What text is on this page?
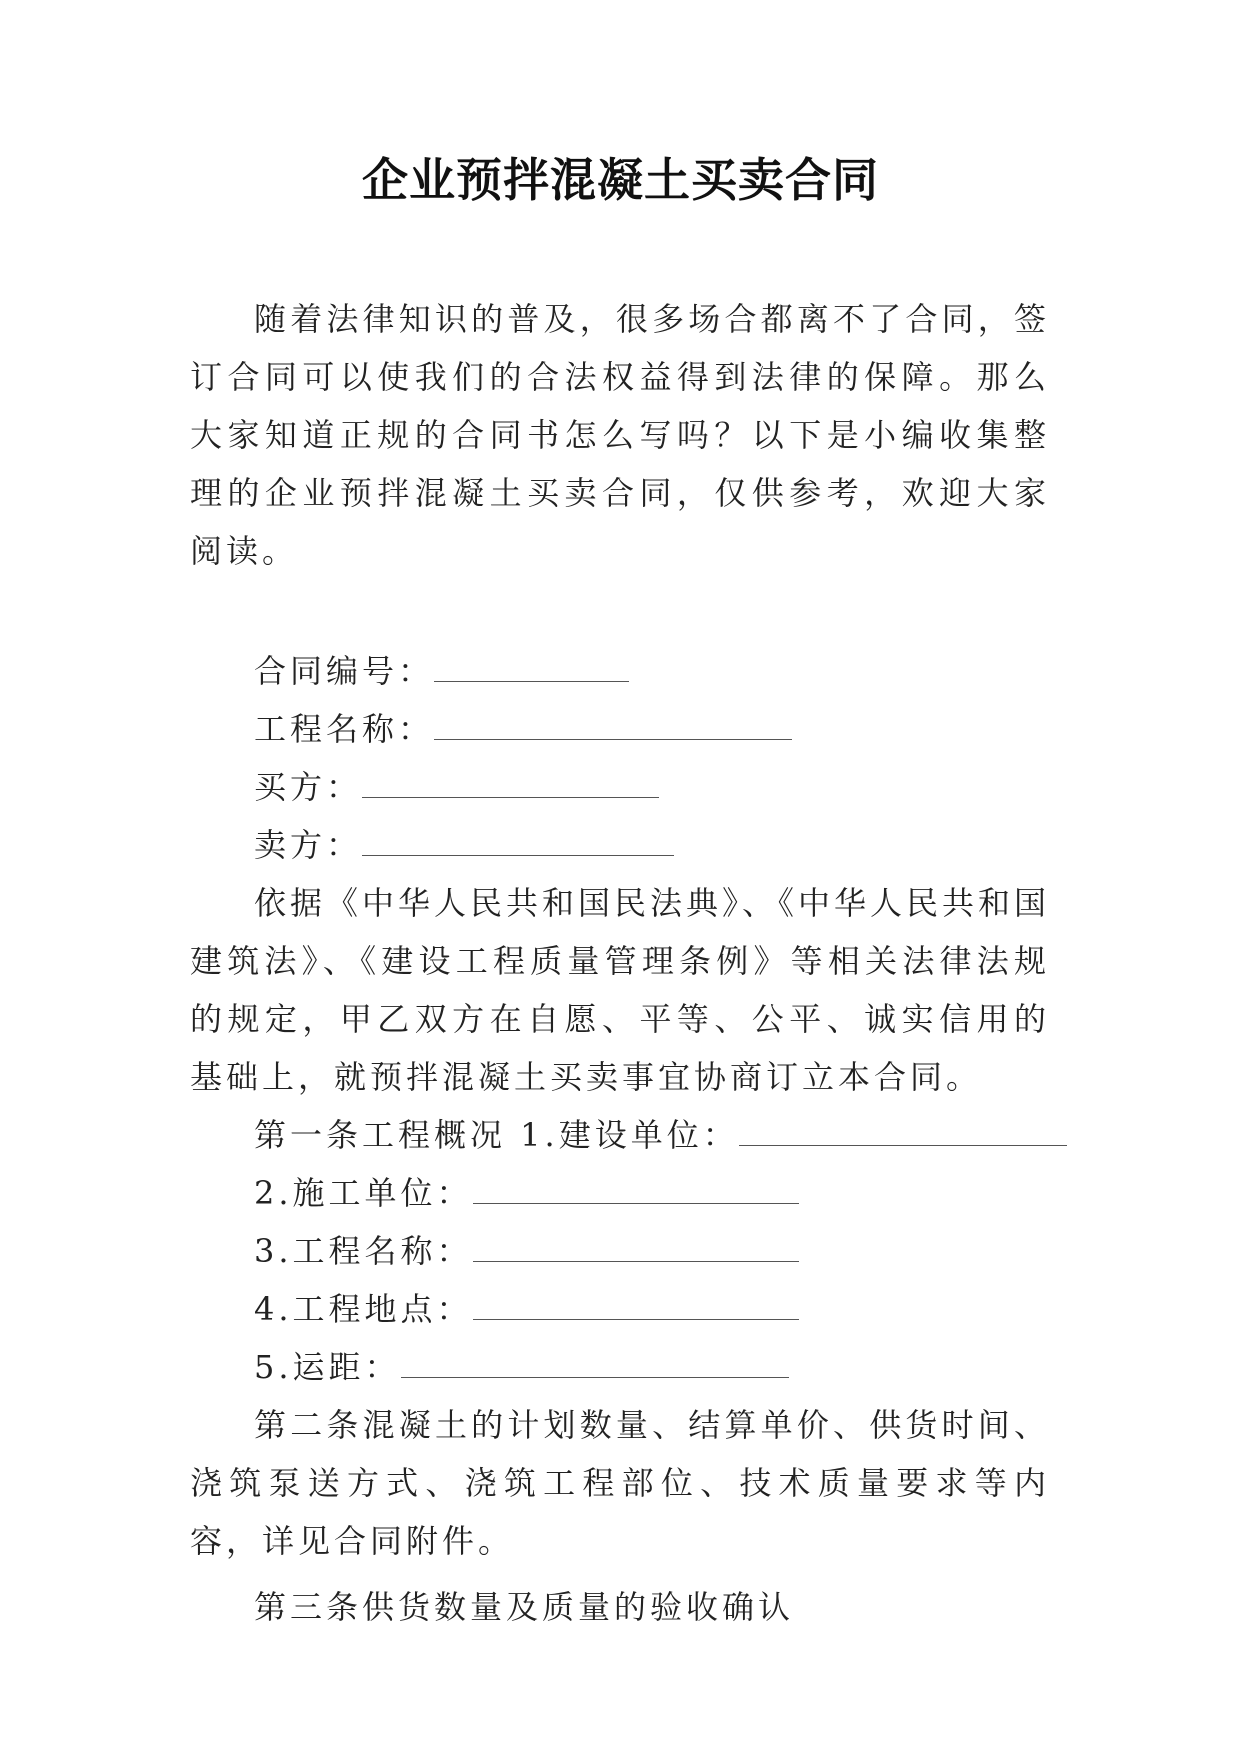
企业预拌混凝土买卖合同

随着法律知识的普及，很多场合都离不了合同，签订合同可以使我们的合法权益得到法律的保障。那么大家知道正规的合同书怎么写吗？以下是小编收集整理的企业预拌混凝土买卖合同，仅供参考，欢迎大家阅读。

合同编号：

工程名称：

买方：

卖方：

依据《中华人民共和国民法典》、《中华人民共和国建筑法》、《建设工程质量管理条例》等相关法律法规的规定，甲乙双方在自愿、平等、公平、诚实信用的基础上，就预拌混凝土买卖事宜协商订立本合同。

第一条工程概况 1.建设单位：

2.施工单位：

3.工程名称：

4.工程地点：

5.运距：

第二条混凝土的计划数量、结算单价、供货时间、浇筑泵送方式、浇筑工程部位、技术质量要求等内容，详见合同附件。

第三条供货数量及质量的验收确认
